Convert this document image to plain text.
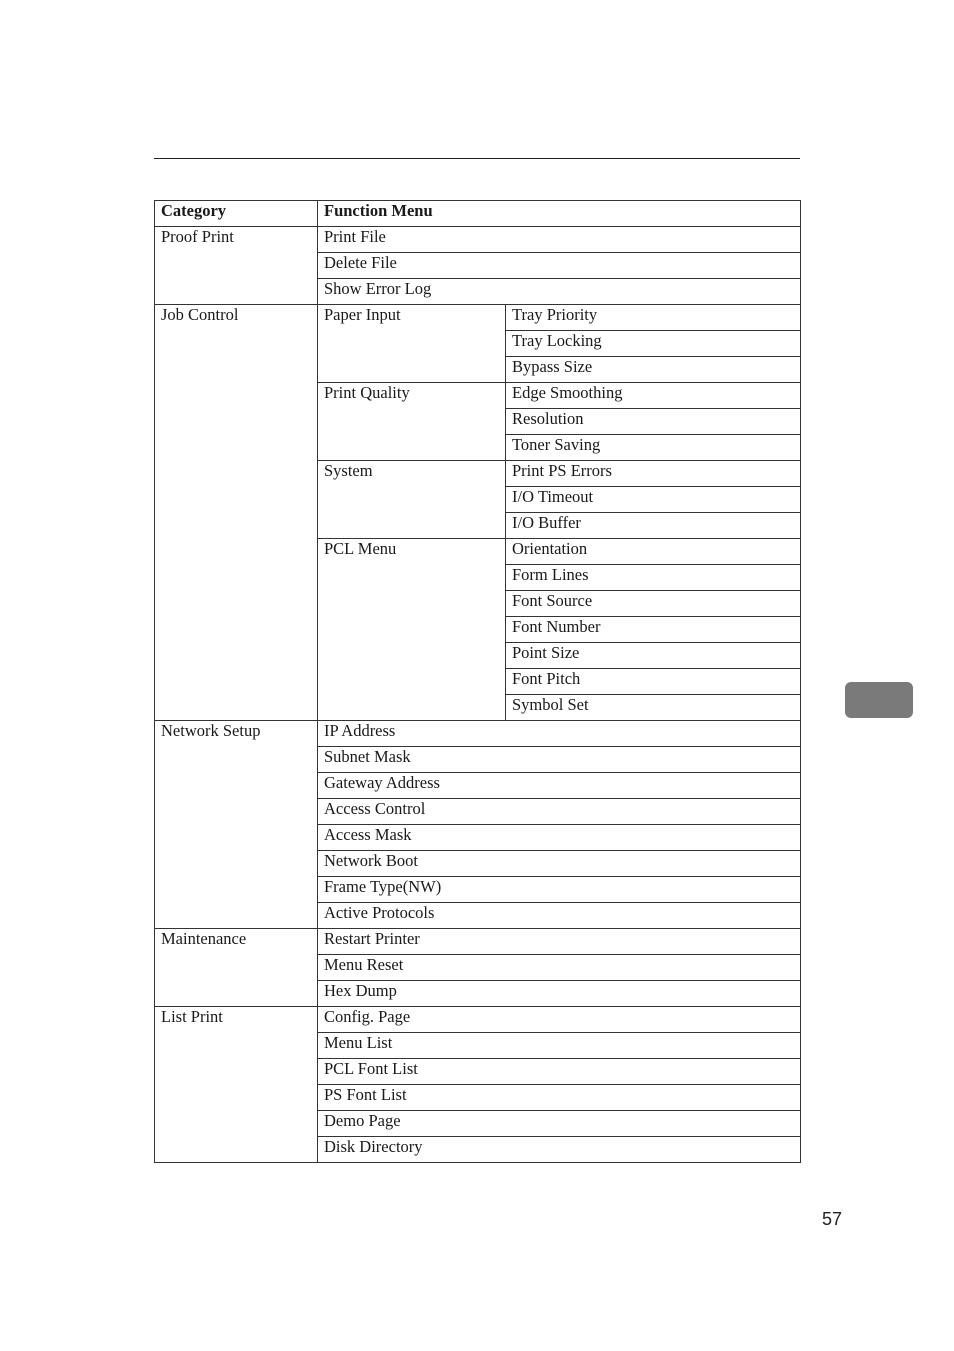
Category	Function Menu	
Proof Print	Print File	
	Delete File	
	Show Error Log	
Job Control	Paper Input	Tray Priority
		Tray Locking
		Bypass Size
	Print Quality	Edge Smoothing
		Resolution
		Toner Saving
	System	Print PS Errors
		I/O Timeout
		I/O Buffer
	PCL Menu	Orientation
		Form Lines
		Font Source
		Font Number
		Point Size
		Font Pitch
		Symbol Set
Network Setup	IP Address	
	Subnet Mask	
	Gateway Address	
	Access Control	
	Access Mask	
	Network Boot	
	Frame Type(NW)	
	Active Protocols	
Maintenance	Restart Printer	
	Menu Reset	
	Hex Dump	
List Print	Config. Page	
	Menu List	
	PCL Font List	
	PS Font List	
	Demo Page	
	Disk Directory	
57
